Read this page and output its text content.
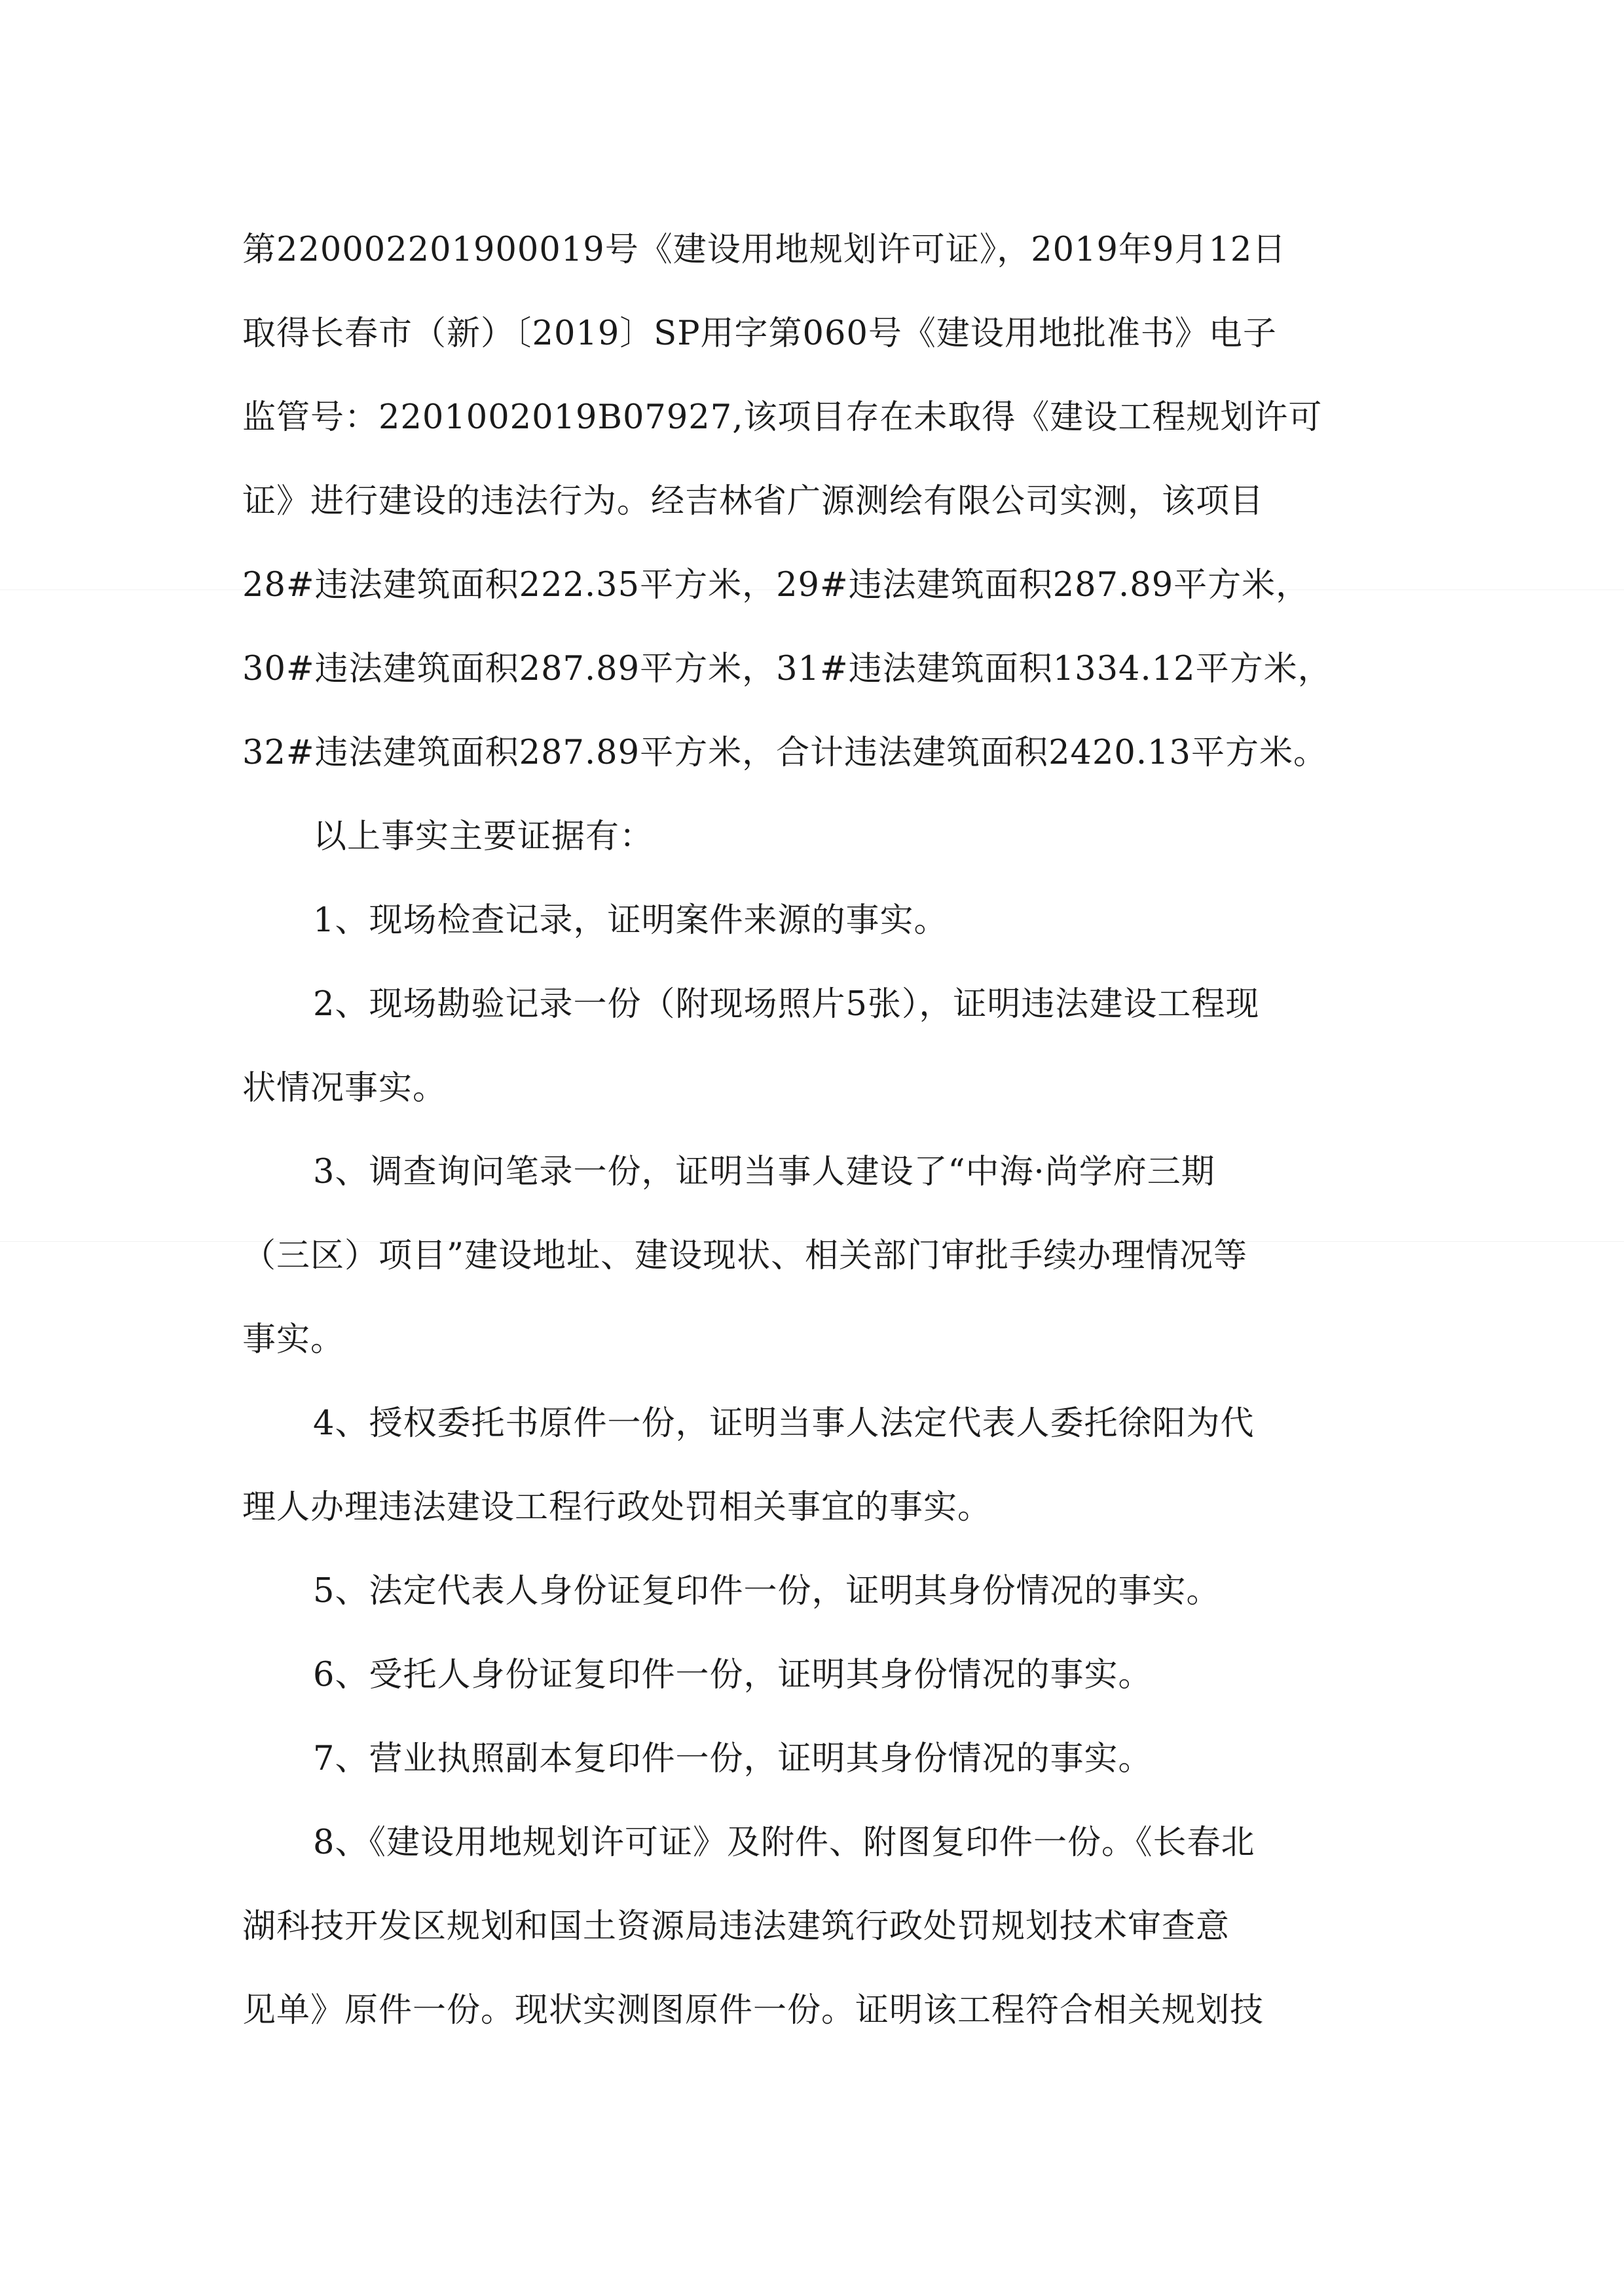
第220002201900019号《建设用地规划许可证》，2019年9月12日
取得长春市（新）〔2019〕SP用字第060号《建设用地批准书》电子
监管号：2201002019B07927,该项目存在未取得《建设工程规划许可
证》进行建设的违法行为。经吉林省广源测绘有限公司实测，该项目
28#违法建筑面积222.35平方米，29#违法建筑面积287.89平方米，
30#违法建筑面积287.89平方米，31#违法建筑面积1334.12平方米，
32#违法建筑面积287.89平方米，合计违法建筑面积2420.13平方米。
以上事实主要证据有：
1、现场检查记录，证明案件来源的事实。
2、现场勘验记录一份（附现场照片5张），证明违法建设工程现
状情况事实。
3、调查询问笔录一份，证明当事人建设了“中海·尚学府三期
（三区）项目”建设地址、建设现状、相关部门审批手续办理情况等
事实。
4、授权委托书原件一份，证明当事人法定代表人委托徐阳为代
理人办理违法建设工程行政处罚相关事宜的事实。
5、法定代表人身份证复印件一份，证明其身份情况的事实。
6、受托人身份证复印件一份，证明其身份情况的事实。
7、营业执照副本复印件一份，证明其身份情况的事实。
8、《建设用地规划许可证》及附件、附图复印件一份。《长春北
湖科技开发区规划和国土资源局违法建筑行政处罚规划技术审查意
见单》原件一份。现状实测图原件一份。证明该工程符合相关规划技
